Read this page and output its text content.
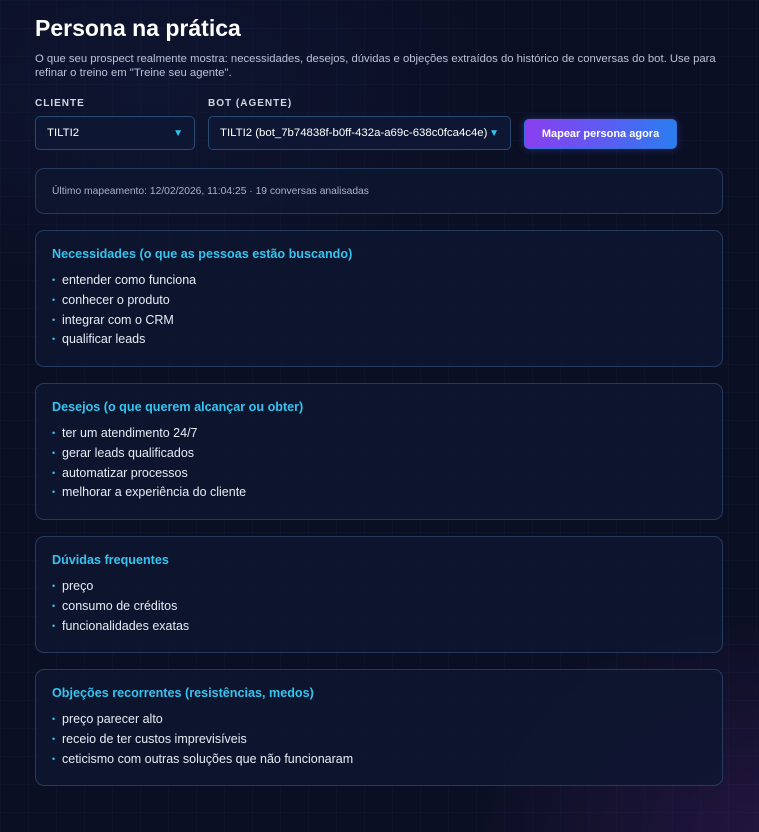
Persona na prática
O que seu prospect realmente mostra: necessidades, desejos, dúvidas e objeções extraídos do histórico de conversas do bot. Use para refinar o treino em "Treine seu agente".
CLIENTE
TILTI2	▼
BOT (AGENTE)
TILTI2 (bot_7b74838f-b0ff-432a-a69c-638c0fca4c4e) ▼	Mapear persona agora
Último mapeamento: 12/02/2026, 11:04:25 · 19 conversas analisadas
Necessidades (o que as pessoas estão buscando)
• entender como funciona
• conhecer o produto
• integrar com o CRM
• qualificar leads
Desejos (o que querem alcançar ou obter)
• ter um atendimento 24/7
• gerar leads qualificados
• automatizar processos
• melhorar a experiência do cliente
Dúvidas frequentes
• preço
• consumo de créditos
• funcionalidades exatas
Objeções recorrentes (resistências, medos)
• preço parecer alto
• receio de ter custos imprevisíveis
• ceticismo com outras soluções que não funcionaram
